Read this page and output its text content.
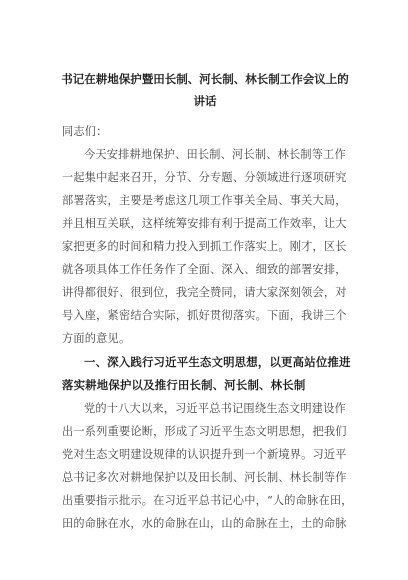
书记在耕地保护暨田长制、河长制、林长制工作会议上的
讲话
同志们：
今天安排耕地保护、田长制、河长制、林长制等工作
一起集中起来召开，分节、分专题、分领域进行逐项研究
部署落实，主要是考虑这几项工作事关全局、事关大局，
并且相互关联，这样统筹安排有利于提高工作效率，让大
家把更多的时间和精力投入到抓工作落实上。刚才，区长
就各项具体工作任务作了全面、深入、细致的部署安排，
讲得都很好、很到位，我完全赞同，请大家深刻领会，对
号入座，紧密结合实际，抓好贯彻落实。下面，我讲三个
方面的意见。
一、深入践行习近平生态文明思想，以更高站位推进
落实耕地保护以及推行田长制、河长制、林长制
党的十八大以来，习近平总书记围绕生态文明建设作
出一系列重要论断，形成了习近平生态文明思想，把我们
党对生态文明建设规律的认识提升到一个新境界。习近平
总书记多次对耕地保护以及田长制、河长制、林长制等作
出重要指示批示。在习近平总书记心中，“人的命脉在田，
田的命脉在水，水的命脉在山，山的命脉在土，土的命脉
